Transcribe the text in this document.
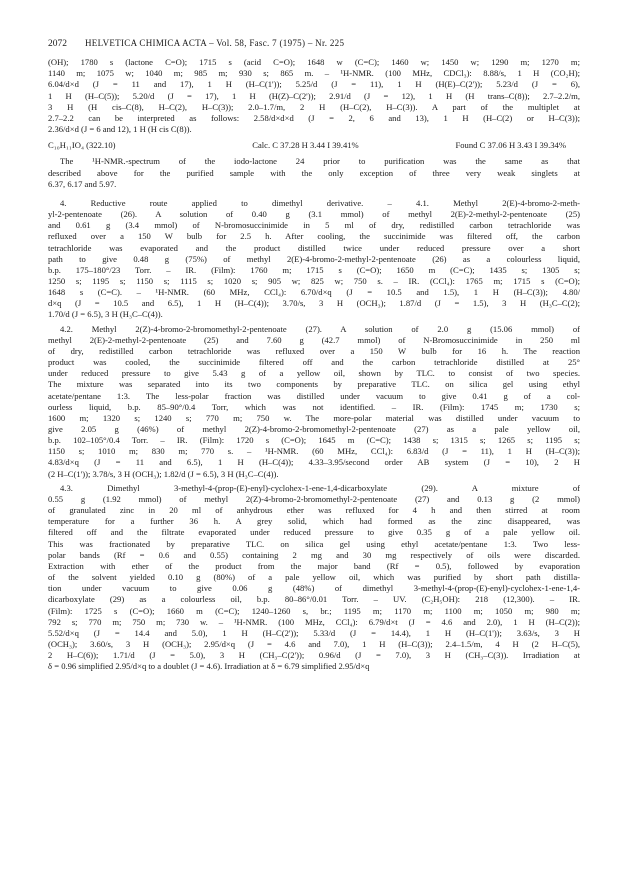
2072 HELVETICA CHIMICA ACTA – Vol. 58, Fasc. 7 (1975) – Nr. 225

(OH); 1780 s (lactone C=O); 1715 s (acid C=O); 1648 w (C=C); 1460 w; 1450 w; 1290 m; 1270 m;

1140 m; 1075 w; 1040 m; 985 m; 930 s; 865 m. – ¹H-NMR. (100 MHz, CDCl₃): 8.88/s, 1 H (CO₂H);

6.04/d×d (J = 11 and 17), 1 H (H–C(1')); 5.25/d (J = 11), 1 H (H(E)–C(2')); 5.23/d (J = 6),

1 H (H–C(5)); 5.20/d (J = 17), 1 H (H(Z)–C(2')); 2.91/d (J = 12), 1 H (H trans–C(8)); 2.7–2.2/m,

3 H (H cis–C(8), H–C(2), H–C(3)); 2.0–1.7/m, 2 H (H–C(2), H–C(3)). A part of the multiplet at

2.7–2.2 can be interpreted as follows: 2.58/d×d×d (J = 2, 6 and 13), 1 H (H–C(2) or H–C(3));

2.36/d×d (J = 6 and 12), 1 H (H cis C(8)).

C₁₀H₁₁IO₄ (322.10)	Calc. C 37.28 H 3.44 I 39.41%	Found C 37.06 H 3.43 I 39.34%

The ¹H-NMR.-spectrum of the iodo-lactone 24 prior to purification was the same as that

described above for the purified sample with the only exception of three very weak singlets at

6.37, 6.17 and 5.97.

4. Reductive route applied to dimethyl derivative. – 4.1. Methyl 2(E)-4-bromo-2-meth-

yl-2-pentenoate (26). A solution of 0.40 g (3.1 mmol) of methyl 2(E)-2-methyl-2-pentenoate (25)

and 0.61 g (3.4 mmol) of N-bromosuccinimide in 5 ml of dry, redistilled carbon tetrachloride was

refluxed over a 150 W bulb for 2.5 h. After cooling, the succinimide was filtered off, the carbon

tetrachloride was evaporated and the product distilled twice under reduced pressure over a short

path to give 0.48 g (75%) of methyl 2(E)-4-bromo-2-methyl-2-pentenoate (26) as a colourless liquid,

b.p. 175–180°/23 Torr. – IR. (Film): 1760 m; 1715 s (C=O); 1650 m (C=C); 1435 s; 1305 s;

1250 s; 1195 s; 1150 s; 1115 s; 1020 s; 905 w; 825 w; 750 s. – IR. (CCl₄): 1765 m; 1715 s (C=O);

1648 s (C=C). – ¹H-NMR. (60 MHz, CCl₄): 6.70/d×q (J = 10.5 and 1.5), 1 H (H–C(3)); 4.80/

d×q (J = 10.5 and 6.5), 1 H (H–C(4)); 3.70/s, 3 H (OCH₃); 1.87/d (J = 1.5), 3 H (H₃C–C(2);

1.70/d (J = 6.5), 3 H (H₃C–C(4)).

4.2. Methyl 2(Z)-4-bromo-2-bromomethyl-2-pentenoate (27). A solution of 2.0 g (15.06 mmol) of

methyl 2(E)-2-methyl-2-pentenoate (25) and 7.60 g (42.7 mmol) of N-Bromosuccinimide in 250 ml

of dry, redistilled carbon tetrachloride was refluxed over a 150 W bulb for 16 h. The reaction

product was cooled, the succinimide filtered off and the carbon tetrachloride distilled at 25°

under reduced pressure to give 5.43 g of a yellow oil, shown by TLC. to consist of two species.

The mixture was separated into its two components by preparative TLC. on silica gel using ethyl

acetate/pentane 1:3. The less-polar fraction was distilled under vacuum to give 0.41 g of a col-

ourless liquid, b.p. 85–90°/0.4 Torr, which was not identified. – IR. (Film): 1745 m; 1730 s;

1600 m; 1320 s; 1240 s; 770 m; 750 w. The more-polar material was distilled under vacuum to

give 2.05 g (46%) of methyl 2(Z)-4-bromo-2-bromomethyl-2-pentenoate (27) as a pale yellow oil,

b.p. 102–105°/0.4 Torr. – IR. (Film): 1720 s (C=O); 1645 m (C=C); 1438 s; 1315 s; 1265 s; 1195 s;

1150 s; 1010 m; 830 m; 770 s. – ¹H-NMR. (60 MHz, CCl₄): 6.83/d (J = 11), 1 H (H–C(3));

4.83/d×q (J = 11 and 6.5), 1 H (H–C(4)); 4.33–3.95/second order AB system (J = 10), 2 H

(2 H–C(1')); 3.78/s, 3 H (OCH₃); 1.82/d (J = 6.5), 3 H (H₃C–C(4)).

4.3. Dimethyl 3-methyl-4-(prop-(E)-enyl)-cyclohex-1-ene-1,4-dicarboxylate (29). A mixture of

0.55 g (1.92 mmol) of methyl 2(Z)-4-bromo-2-bromomethyl-2-pentenoate (27) and 0.13 g (2 mmol)

of granulated zinc in 20 ml of anhydrous ether was refluxed for 4 h and then stirred at room

temperature for a further 36 h. A grey solid, which had formed as the zinc disappeared, was

filtered off and the filtrate evaporated under reduced pressure to give 0.35 g of a pale yellow oil.

This was fractionated by preparative TLC. on silica gel using ethyl acetate/pentane 1:3. Two less-

polar bands (Rf = 0.6 and 0.55) containing 2 mg and 30 mg respectively of oils were discarded.

Extraction with ether of the product from the major band (Rf = 0.5), followed by evaporation

of the solvent yielded 0.10 g (80%) of a pale yellow oil, which was purified by short path distilla-

tion under vacuum to give 0.06 g (48%) of dimethyl 3-methyl-4-(prop-(E)-enyl)-cyclohex-1-ene-1,4-

dicarboxylate (29) as a colourless oil, b.p. 80–86°/0.01 Torr. – UV. (C₂H₅OH): 218 (12,300). – IR.

(Film): 1725 s (C=O); 1660 m (C=C); 1240–1260 s, br.; 1195 m; 1170 m; 1100 m; 1050 m; 980 m;

792 s; 770 m; 750 m; 730 w. – ¹H-NMR. (100 MHz, CCl₄): 6.79/d×t (J = 4.6 and 2.0), 1 H (H–C(2));

5.52/d×q (J = 14.4 and 5.0), 1 H (H–C(2')); 5.33/d (J = 14.4), 1 H (H–C(1')); 3.63/s, 3 H

(OCH₃); 3.60/s, 3 H (OCH₃); 2.95/d×q (J = 4.6 and 7.0), 1 H (H–C(3)); 2.4–1.5/m, 4 H (2 H–C(5),

2 H–C(6)); 1.71/d (J = 5.0), 3 H (CH₃–C(2')); 0.96/d (J = 7.0), 3 H (CH₃–C(3)). Irradiation at

δ = 0.96 simplified 2.95/d×q to a doublet (J = 4.6). Irradiation at δ = 6.79 simplified 2.95/d×q
